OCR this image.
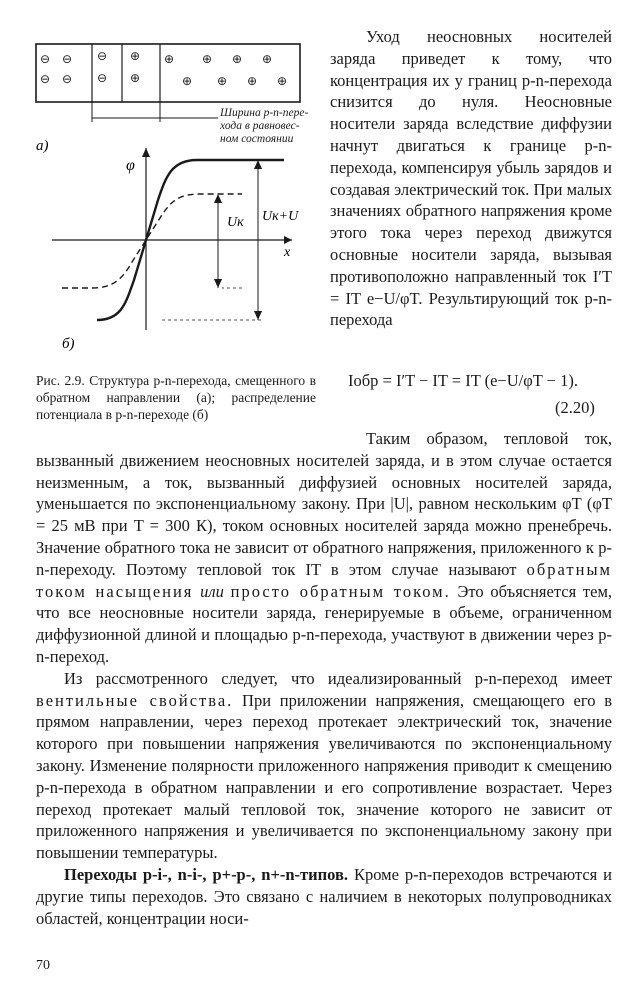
⊖ ⊖
⊖ ⊖
⊖
⊖
⊕
⊕
⊕ ⊕ ⊕ ⊕
⊕ ⊕ ⊕ ⊕
Ширина p-n-пере- хода в равновес- ном состоянии
а)
x
φ
Uк Uк+U
б)
Рис. 2.9. Структура p-n-перехода, смещенного в обратном направлении (а); распределение потенциала в p-n-переходе (б)

Уход неосновных носителей заряда приведет к тому, что концентрация их у границ p-n-перехода снизится до нуля. Неосновные носители заряда вследствие диффузии начнут двигаться к границе p-n-перехода, компенсируя убыль зарядов и создавая электрический ток. При малых значениях обратного напряжения кроме этого тока через переход движутся основные носители заряда, вызывая противоположно направленный ток I′T = IT e−U/φT. Результирующий ток p-n-перехода

Iобр = I′T − IT = IT (e−U/φT − 1).
(2.20)

Таким образом, тепловой ток, вызванный движением неосновных носителей заряда, и в этом случае остается неизменным, а ток, вызванный диффузией основных носителей заряда, уменьшается по экспоненциальному закону. При |U|, равном нескольким φT (φT = 25 мВ при T = 300 К), током основных носителей заряда можно пренебречь. Значение обратного тока не зависит от обратного напряжения, приложенного к p-n-переходу. Поэтому тепловой ток IT в этом случае называют обратным током насыщения или просто обратным током. Это объясняется тем, что все неосновные носители заряда, генерируемые в объеме, ограниченном диффузионной длиной и площадью p-n-перехода, участвуют в движении через p-n-переход.

Из рассмотренного следует, что идеализированный p-n-переход имеет вентильные свойства. При приложении напряжения, смещающего его в прямом направлении, через переход протекает электрический ток, значение которого при повышении напряжения увеличиваются по экспоненциальному закону. Изменение полярности приложенного напряжения приводит к смещению p-n-перехода в обратном направлении и его сопротивление возрастает. Через переход протекает малый тепловой ток, значение которого не зависит от приложенного напряжения и увеличивается по экспоненциальному закону при повышении температуры.

Переходы p-i-, n-i-, p+-p-, n+-n-типов. Кроме p-n-переходов встречаются и другие типы переходов. Это связано с наличием в некоторых полупроводниках областей, концентрации носи-

70
